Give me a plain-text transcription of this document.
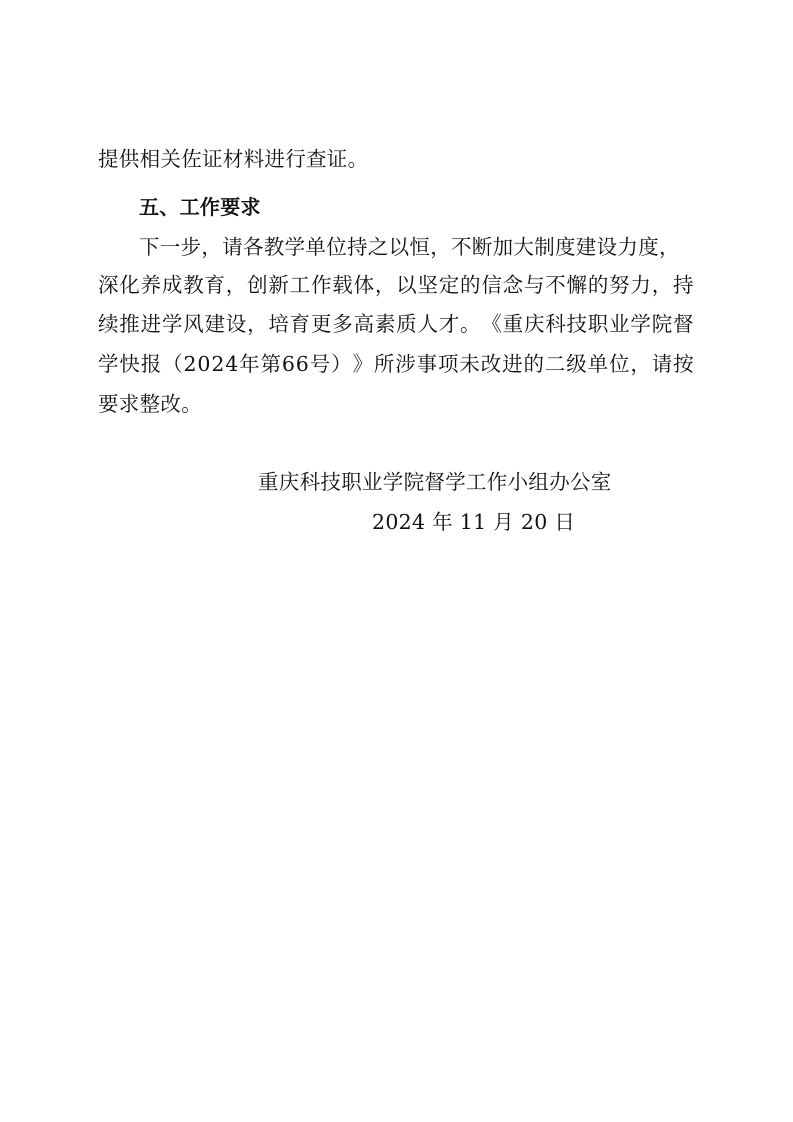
提供相关佐证材料进行查证。
五、工作要求
下一步，请各教学单位持之以恒，不断加大制度建设力度，
深 化 养 成 教 育 ， 创 新 工 作 载 体 ， 以 坚 定 的 信 念 与 不 懈 的 努 力 ， 持
续 推 进 学 风 建 设 ， 培 育 更 多 高 素 质 人 才 。 《 重 庆 科 技 职 业 学 院 督
学 快 报 （ 2 0 2 4 年 第 6 6 号 ） 》 所 涉 事 项 未 改 进 的 二 级 单 位 ， 请 按
要求整改。
重庆科技职业学院督学工作小组办公室
2024 年 11 月 20 日
